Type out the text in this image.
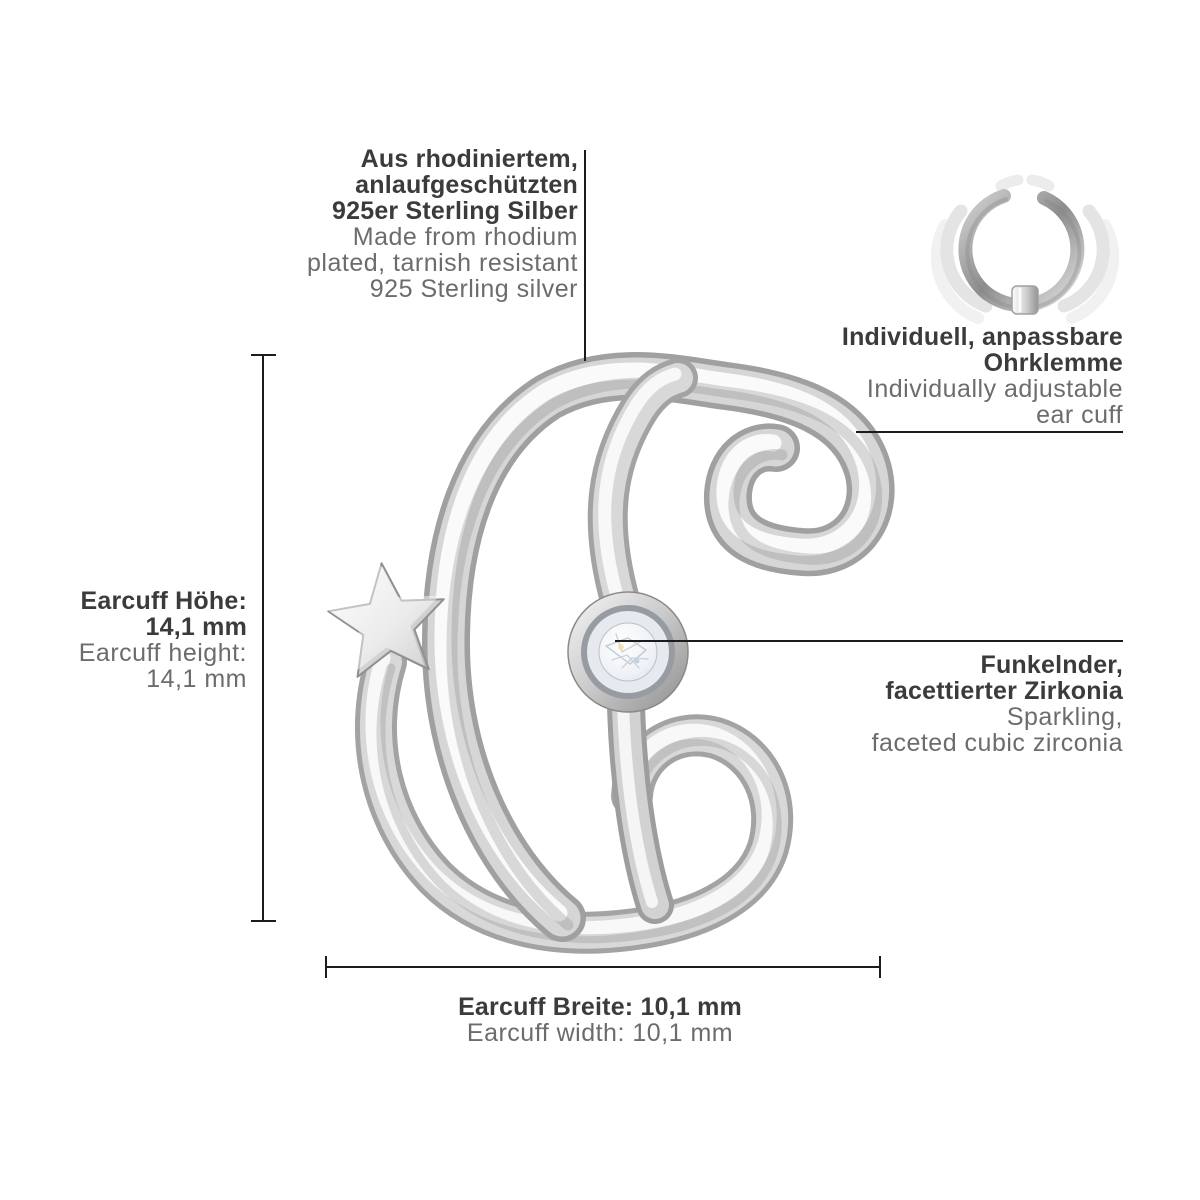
Aus rhodiniertem,
anlaufgeschützten
925er Sterling Silber
Made from rhodium
plated, tarnish resistant
925 Sterling silver
Individuell, anpassbare
Ohrklemme
Individually adjustable
ear cuff
Earcuff Höhe:
14,1 mm
Earcuff height:
14,1 mm	Funkelnder,
facettierter Zirkonia
Sparkling,
faceted cubic zirconia
Earcuff Breite: 10,1 mm
Earcuff width: 10,1 mm
